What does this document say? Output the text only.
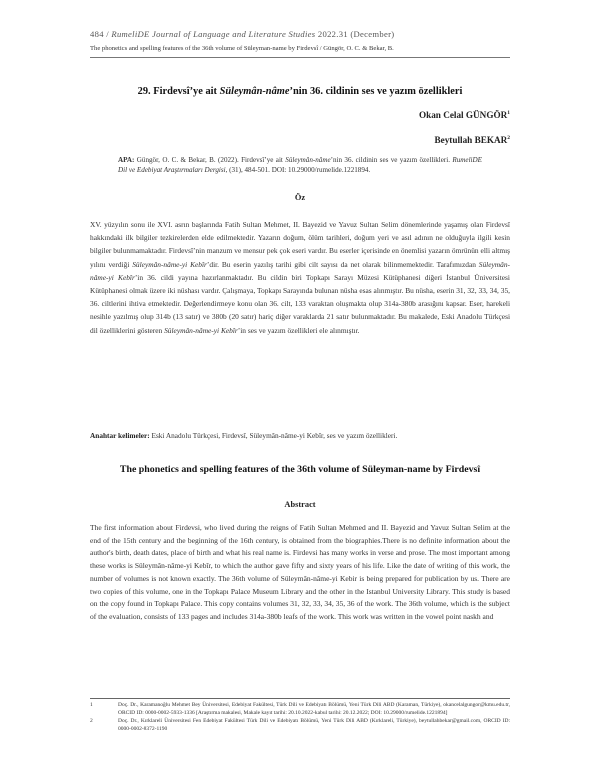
484 / RumeliDE Journal of Language and Literature Studies 2022.31 (December)
The phonetics and spelling features of the 36th volume of Süleyman-name by Firdevsî / Güngör, O. C. & Bekar, B.
29. Firdevsî’ye ait Süleymân-nâme’nin 36. cildinin ses ve yazım özellikleri
Okan Celal GÜNGÖR$^1$
Beytullah BEKAR$^2$

APA: Güngör, O. C. & Bekar, B. (2022). Firdevsî’ye ait Süleymân-nâme’nin 36. cildinin ses ve yazım özellikleri. RumeliDE Dil ve Edebiyat Araştırmaları Dergisi, (31), 484-501. DOI: 10.29000/rumelide.1221894.

Öz

XV. yüzyılın sonu ile XVI. asrın başlarında Fatih Sultan Mehmet, II. Bayezid ve Yavuz Sultan Selim dönemlerinde yaşamış olan Firdevsî hakkındaki ilk bilgiler tezkirelerden elde edilmektedir. Yazarın doğum, ölüm tarihleri, doğum yeri ve asıl adının ne olduğuyla ilgili kesin bilgiler bulunmamaktadır. Firdevsî’nin manzum ve mensur pek çok eseri vardır. Bu eserler içerisinde en önemlisi yazarın ömrünün elli altmış yılını verdiği Süleymân-nâme-yi Kebîr’dir. Bu eserin yazılış tarihi gibi cilt sayısı da net olarak bilinmemektedir. Tarafımızdan Süleymân-nâme-yi Kebîr’in 36. cildi yayına hazırlanmaktadır. Bu cildin biri Topkapı Sarayı Müzesi Kütüphanesi diğeri İstanbul Üniversitesi Kütüphanesi olmak üzere iki nüshası vardır. Çalışmaya, Topkapı Sarayında bulunan nüsha esas alınmıştır. Bu nüsha, eserin 31, 32, 33, 34, 35, 36. ciltlerini ihtiva etmektedir. Değerlendirmeye konu olan 36. cilt, 133 varaktan oluşmakta olup 314a-380b arasığını kapsar. Eser, harekeli nesihle yazılmış olup 314b (13 satır) ve 380b (20 satır) hariç diğer varaklarda 21 satır bulunmaktadır. Bu makalede, Eski Anadolu Türkçesi dil özelliklerini gösteren Süleymân-nâme-yi Kebîr’in ses ve yazım özellikleri ele alınmıştır.

Anahtar kelimeler: Eski Anadolu Türkçesi, Firdevsî, Süleymân-nâme-yi Kebîr, ses ve yazım özellikleri.

The phonetics and spelling features of the 36th volume of Süleyman-name by Firdevsî
Abstract

The first information about Firdevsi, who lived during the reigns of Fatih Sultan Mehmed and II. Bayezid and Yavuz Sultan Selim at the end of the 15th century and the beginning of the 16th century, is obtained from the biographies.There is no definite information about the author's birth, death dates, place of birth and what his real name is. Firdevsi has many works in verse and prose. The most important among these works is Süleymân-nâme-yi Kebîr, to which the author gave fifty and sixty years of his life. Like the date of writing of this work, the number of volumes is not known exactly. The 36th volume of Süleymân-nâme-yi Kebir is being prepared for publication by us. There are two copies of this volume, one in the Topkapı Palace Museum Library and the other in the Istanbul University Library. This study is based on the copy found in Topkapı Palace. This copy contains volumes 31, 32, 33, 34, 35, 36 of the work. The 36th volume, which is the subject of the evaluation, consists of 133 pages and includes 314a-380b leafs of the work. This work was written in the vowel point naskh and

1	Doç. Dr., Karamanoğlu Mehmet Bey Üniversitesi, Edebiyat Fakültesi, Türk Dili ve Edebiyatı Bölümü, Yeni Türk Dili ABD (Karaman, Türkiye), okancelalgungor@kmu.edu.tr, ORCID ID: 0000-0002-5933-1336 [Araştırma makalesi, Makale kayıt tarihi: 20.10.2022-kabul tarihi: 20.12.2022; DOI: 10.29000/rumelide.1221894]
2	Doç. Dr., Kırklareli Üniversitesi Fen Edebiyat Fakültesi Türk Dili ve Edebiyatı Bölümü, Yeni Türk Dili ABD (Kırklareli, Türkiye), beytullahbekar@gmail.com, ORCID ID: 0000-0002-8372-1190
